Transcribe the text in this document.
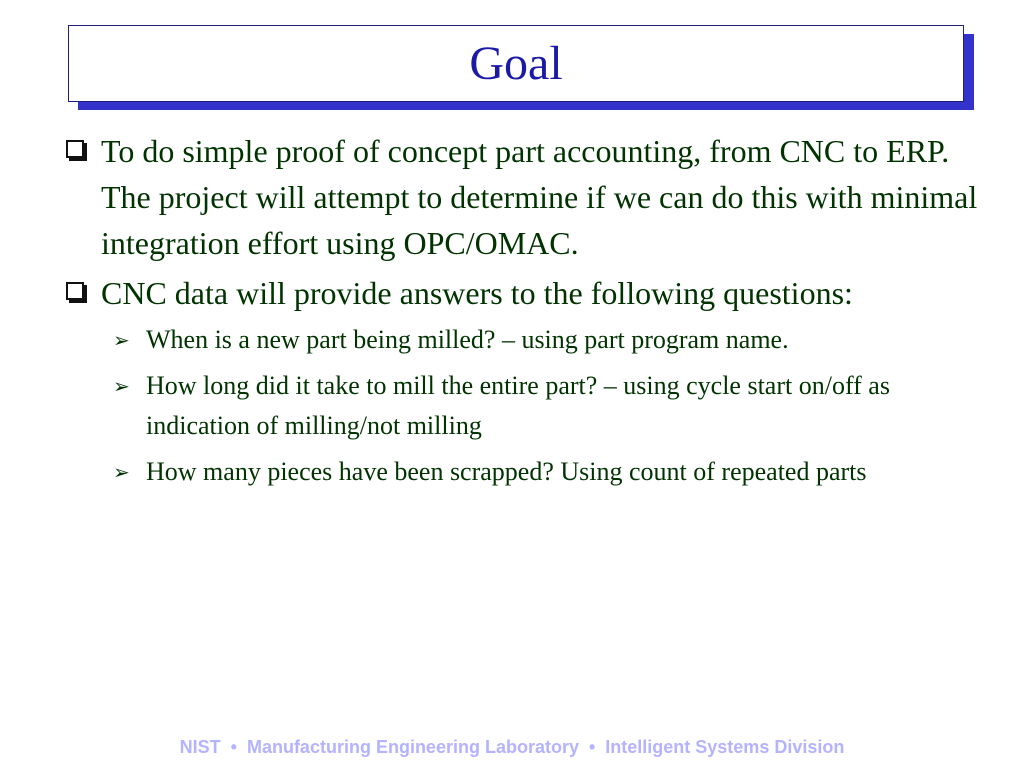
Goal
To do simple proof of concept part accounting, from CNC to ERP. The project will attempt to determine if we can do this with minimal integration effort using OPC/OMAC.
CNC data will provide answers to the following questions:
➢ When is a new part being milled? – using part program name.
➢ How long did it take to mill the entire part? – using cycle start on/off as  indication of milling/not milling
➢ How many pieces have been scrapped? Using count of repeated parts
NIST  •  Manufacturing Engineering Laboratory  •  Intelligent Systems Division
